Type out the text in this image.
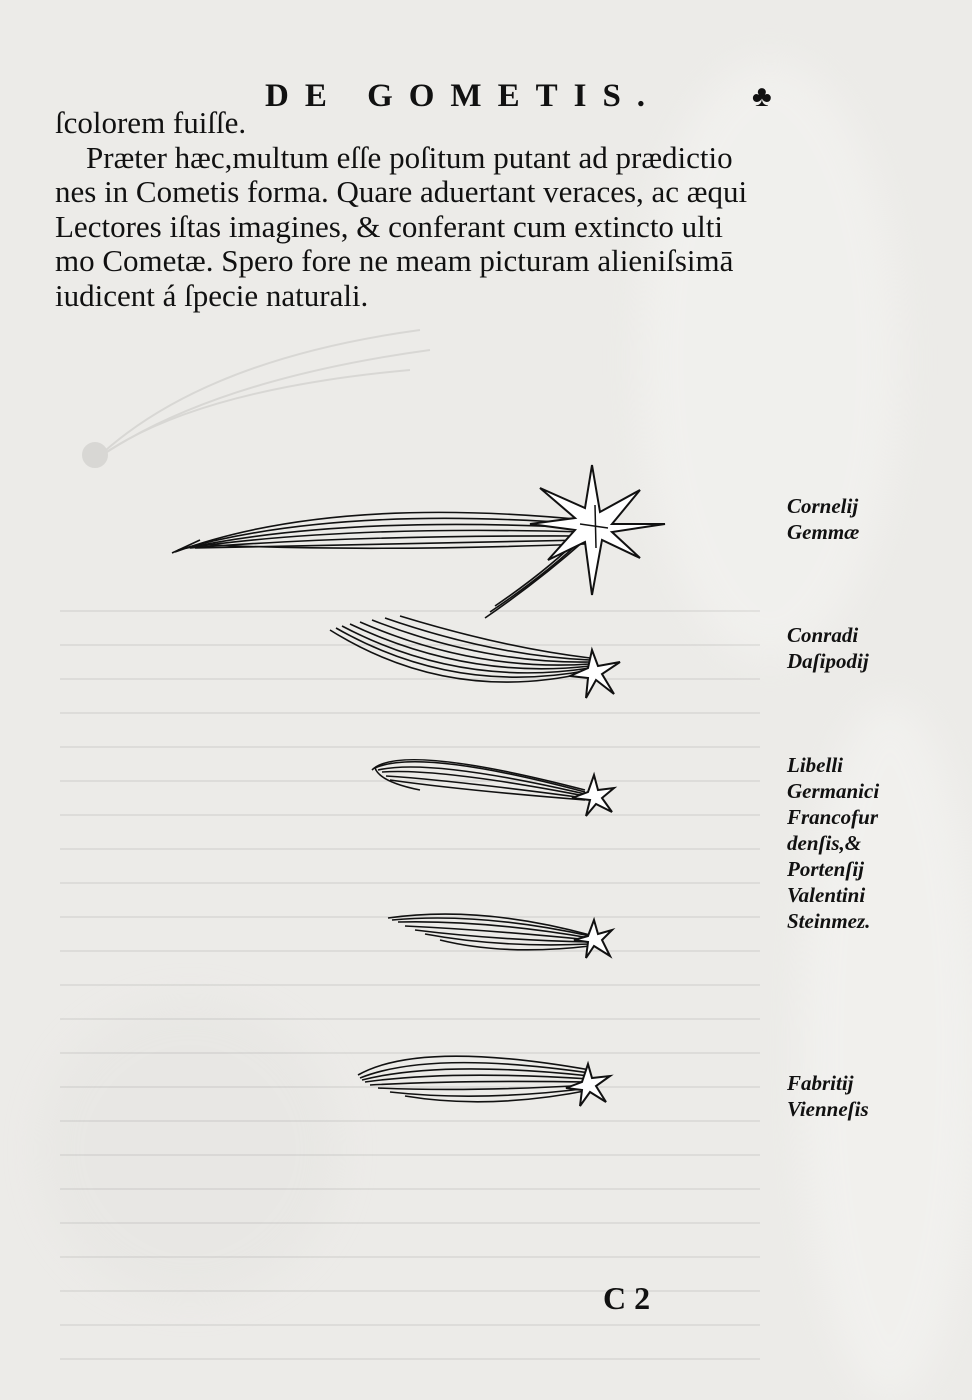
DE GOMETIS.	♣
ſcolorem fuiſſe.
Præter hæc,multum eſſe poſitum putant ad prædictio
nes in Cometis forma. Quare aduertant veraces, ac æqui
Lectores iſtas imagines, & conferant cum extincto ulti
mo Cometæ. Spero fore ne meam picturam alieniſsimā
iudicent á ſpecie naturali.
Cornelij
Gemmæ
Conradi
Daſipodij
Libelli
Germanici
Francofur
denſis,&
Portenſij
Valentini
Steinmez.
Fabritij
Vienneſis
C 2
